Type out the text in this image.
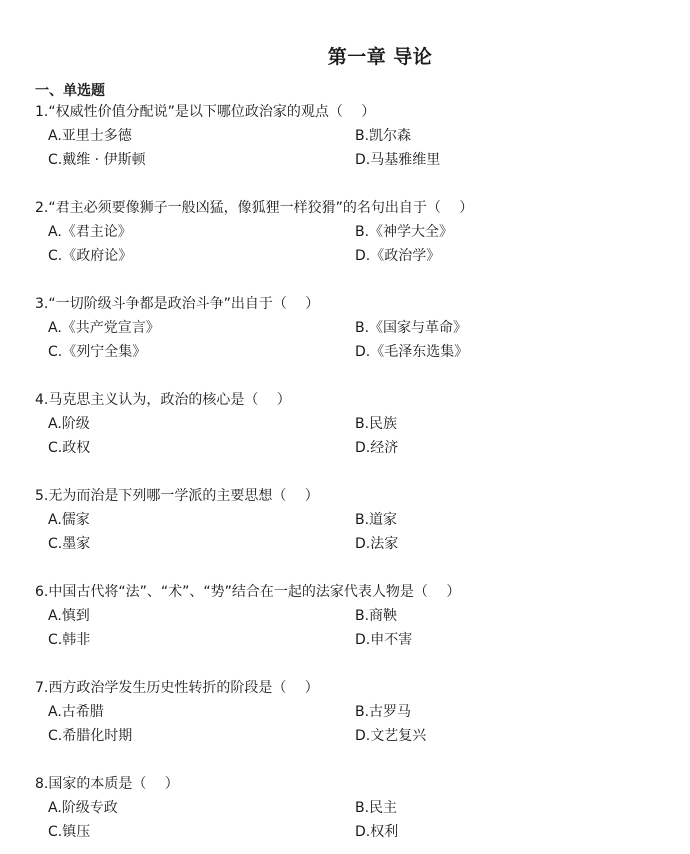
第一章 导论
一、单选题
1.“权威性价值分配说”是以下哪位政治家的观点（　 ）
A.亚里士多德	B.凯尔森
C.戴维 · 伊斯顿	D.马基雅维里
2.“君主必须要像狮子一般凶猛，像狐狸一样狡猾”的名句出自于（　 ）
A.《君主论》	B.《神学大全》
C.《政府论》	D.《政治学》
3.“一切阶级斗争都是政治斗争”出自于（　 ）
A.《共产党宣言》	B.《国家与革命》
C.《列宁全集》	D.《毛泽东选集》
4.马克思主义认为，政治的核心是（　 ）
A.阶级	B.民族
C.政权	D.经济
5.无为而治是下列哪一学派的主要思想（　 ）
A.儒家	B.道家
C.墨家	D.法家
6.中国古代将“法”、“术”、“势”结合在一起的法家代表人物是（　 ）
A.慎到	B.商鞅
C.韩非	D.申不害
7.西方政治学发生历史性转折的阶段是（　 ）
A.古希腊	B.古罗马
C.希腊化时期	D.文艺复兴
8.国家的本质是（　 ）
A.阶级专政	B.民主
C.镇压	D.权利
